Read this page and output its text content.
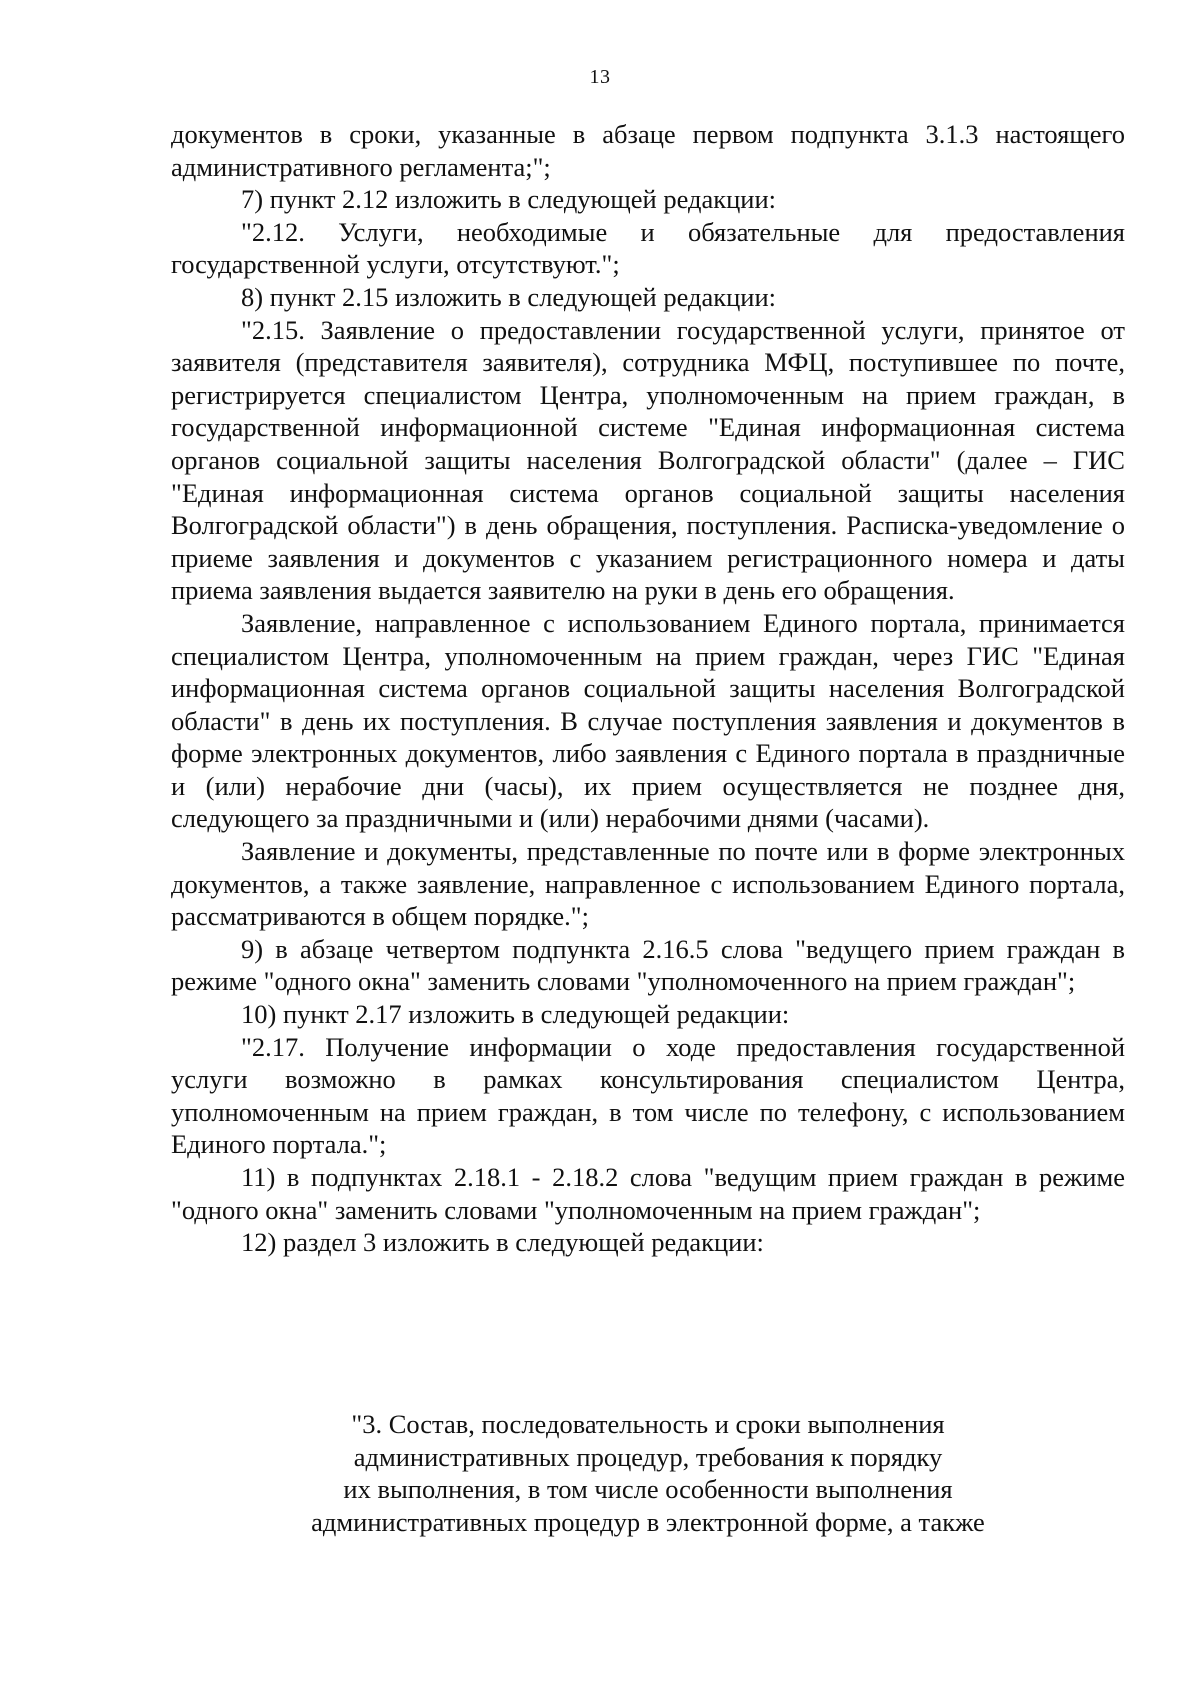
13

документов в сроки, указанные в абзаце первом подпункта 3.1.3 настоящего административного регламента;";

7) пункт 2.12 изложить в следующей редакции:

"2.12. Услуги, необходимые и обязательные для предоставления государственной услуги, отсутствуют.";

8) пункт 2.15 изложить в следующей редакции:

"2.15. Заявление о предоставлении государственной услуги, принятое от заявителя (представителя заявителя), сотрудника МФЦ, поступившее по почте, регистрируется специалистом Центра, уполномоченным на прием граждан, в государственной информационной системе "Единая информационная система органов социальной защиты населения Волгоградской области" (далее – ГИС "Единая информационная система органов социальной защиты населения Волгоградской области") в день обращения, поступления. Расписка-уведомление о приеме заявления и документов с указанием регистрационного номера и даты приема заявления выдается заявителю на руки в день его обращения.

Заявление, направленное с использованием Единого портала, принимается специалистом Центра, уполномоченным на прием граждан, через ГИС "Единая информационная система органов социальной защиты населения Волгоградской области" в день их поступления. В случае поступления заявления и документов в форме электронных документов, либо заявления с Единого портала в праздничные и (или) нерабочие дни (часы), их прием осуществляется не позднее дня, следующего за праздничными и (или) нерабочими днями (часами).

Заявление и документы, представленные по почте или в форме электронных документов, а также заявление, направленное с использованием Единого портала, рассматриваются в общем порядке.";

9) в абзаце четвертом подпункта 2.16.5 слова "ведущего прием граждан в режиме "одного окна" заменить словами "уполномоченного на прием граждан";

10) пункт 2.17 изложить в следующей редакции:

"2.17. Получение информации о ходе предоставления государственной услуги возможно в рамках консультирования специалистом Центра, уполномоченным на прием граждан, в том числе по телефону, с использованием Единого портала.";

11) в подпунктах 2.18.1 - 2.18.2 слова "ведущим прием граждан в режиме "одного окна" заменить словами "уполномоченным на прием граждан";

12) раздел 3 изложить в следующей редакции:

"3. Состав, последовательность и сроки выполнения
административных процедур, требования к порядку
их выполнения, в том числе особенности выполнения
административных процедур в электронной форме, а также
